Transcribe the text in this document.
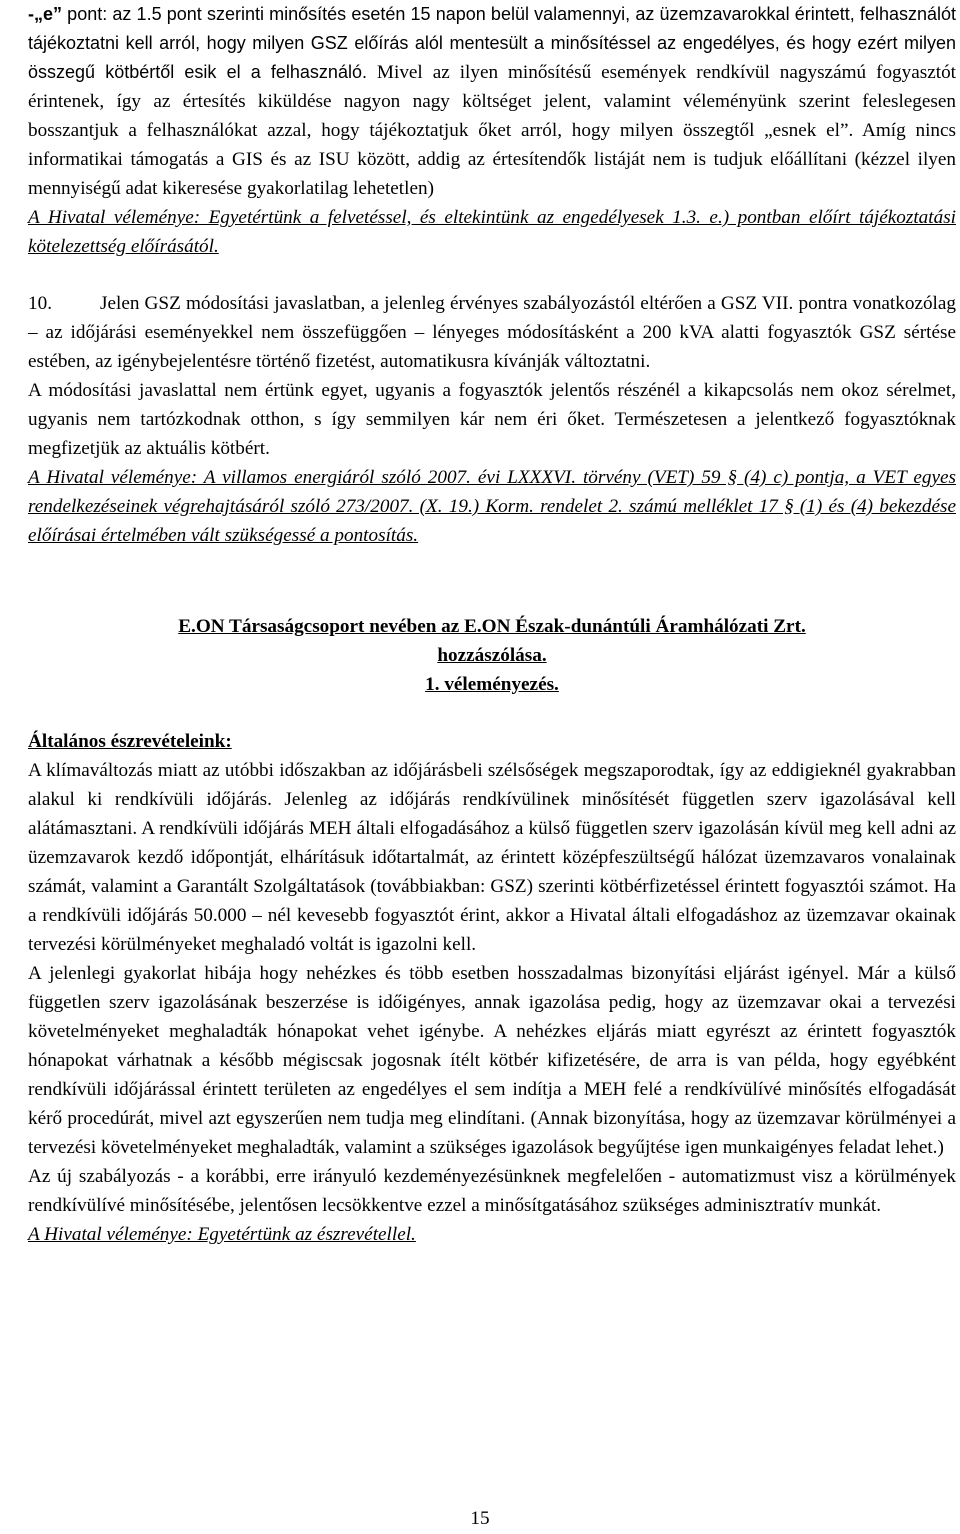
-„e” pont: az 1.5 pont szerinti minősítés esetén 15 napon belül valamennyi, az üzemzavarokkal érintett, felhasználót tájékoztatni kell arról, hogy milyen GSZ előírás alól mentesült a minősítéssel az engedélyes, és hogy ezért milyen összegű kötbértől esik el a felhasználó. Mivel az ilyen minősítésű események rendkívül nagyszámú fogyasztót érintenek, így az értesítés kiküldése nagyon nagy költséget jelent, valamint véleményünk szerint feleslegesen bosszantjuk a felhasználókat azzal, hogy tájékoztatjuk őket arról, hogy milyen összegtől „esnek el”. Amíg nincs informatikai támogatás a GIS és az ISU között, addig az értesítendők listáját nem is tudjuk előállítani (kézzel ilyen mennyiségű adat kikeresése gyakorlatilag lehetetlen)

A Hivatal véleménye: Egyetértünk a felvetéssel, és eltekintünk az engedélyesek 1.3. e.) pontban előírt tájékoztatási kötelezettség előírásától.

10.	Jelen GSZ módosítási javaslatban, a jelenleg érvényes szabályozástól eltérően a GSZ VII. pontra vonatkozólag – az időjárási eseményekkel nem összefüggően – lényeges módosításként a 200 kVA alatti fogyasztók GSZ sértése estében, az igénybejelentésre történő fizetést, automatikusra kívánják változtatni.

A módosítási javaslattal nem értünk egyet, ugyanis a fogyasztók jelentős részénél a kikapcsolás nem okoz sérelmet, ugyanis nem tartózkodnak otthon, s így semmilyen kár nem éri őket. Természetesen a jelentkező fogyasztóknak megfizetjük az aktuális kötbért.

A Hivatal véleménye: A villamos energiáról szóló 2007. évi LXXXVI. törvény (VET) 59 § (4) c) pontja, a VET egyes rendelkezéseinek végrehajtásáról szóló 273/2007. (X. 19.) Korm. rendelet 2. számú melléklet 17 § (1) és (4) bekezdése előírásai értelmében vált szükségessé a pontosítás.

E.ON Társaságcsoport nevében az E.ON Észak-dunántúli Áramhálózati Zrt.

hozzászólása.

1. véleményezés.

Általános észrevételeink:

A klímaváltozás miatt az utóbbi időszakban az időjárásbeli szélsőségek megszaporodtak, így az eddigieknél gyakrabban alakul ki rendkívüli időjárás. Jelenleg az időjárás rendkívülinek minősítését független szerv igazolásával kell alátámasztani. A rendkívüli időjárás MEH általi elfogadásához a külső független szerv igazolásán kívül meg kell adni az üzemzavarok kezdő időpontját, elhárításuk időtartalmát, az érintett középfeszültségű hálózat üzemzavaros vonalainak számát, valamint a Garantált Szolgáltatások (továbbiakban: GSZ) szerinti kötbérfizetéssel érintett fogyasztói számot. Ha a rendkívüli időjárás 50.000 – nél kevesebb fogyasztót érint, akkor a Hivatal általi elfogadáshoz az üzemzavar okainak tervezési körülményeket meghaladó voltát is igazolni kell.

A jelenlegi gyakorlat hibája hogy nehézkes és több esetben hosszadalmas bizonyítási eljárást igényel. Már a külső független szerv igazolásának beszerzése is időigényes, annak igazolása pedig, hogy az üzemzavar okai a tervezési követelményeket meghaladták hónapokat vehet igénybe. A nehézkes eljárás miatt egyrészt az érintett fogyasztók hónapokat várhatnak a később mégiscsak jogosnak ítélt kötbér kifizetésére, de arra is van példa, hogy egyébként rendkívüli időjárással érintett területen az engedélyes el sem indítja a MEH felé a rendkívülívé minősítés elfogadását kérő procedúrát, mivel azt egyszerűen nem tudja meg elindítani. (Annak bizonyítása, hogy az üzemzavar körülményei a tervezési követelményeket meghaladták, valamint a szükséges igazolások begyűjtése igen munkaigényes feladat lehet.)

Az új szabályozás - a korábbi, erre irányuló kezdeményezésünknek megfelelően - automatizmust visz a körülmények rendkívülívé minősítésébe, jelentősen lecsökkentve ezzel a minősítgatásához szükséges adminisztratív munkát.

A Hivatal véleménye: Egyetértünk az észrevétellel.

15
